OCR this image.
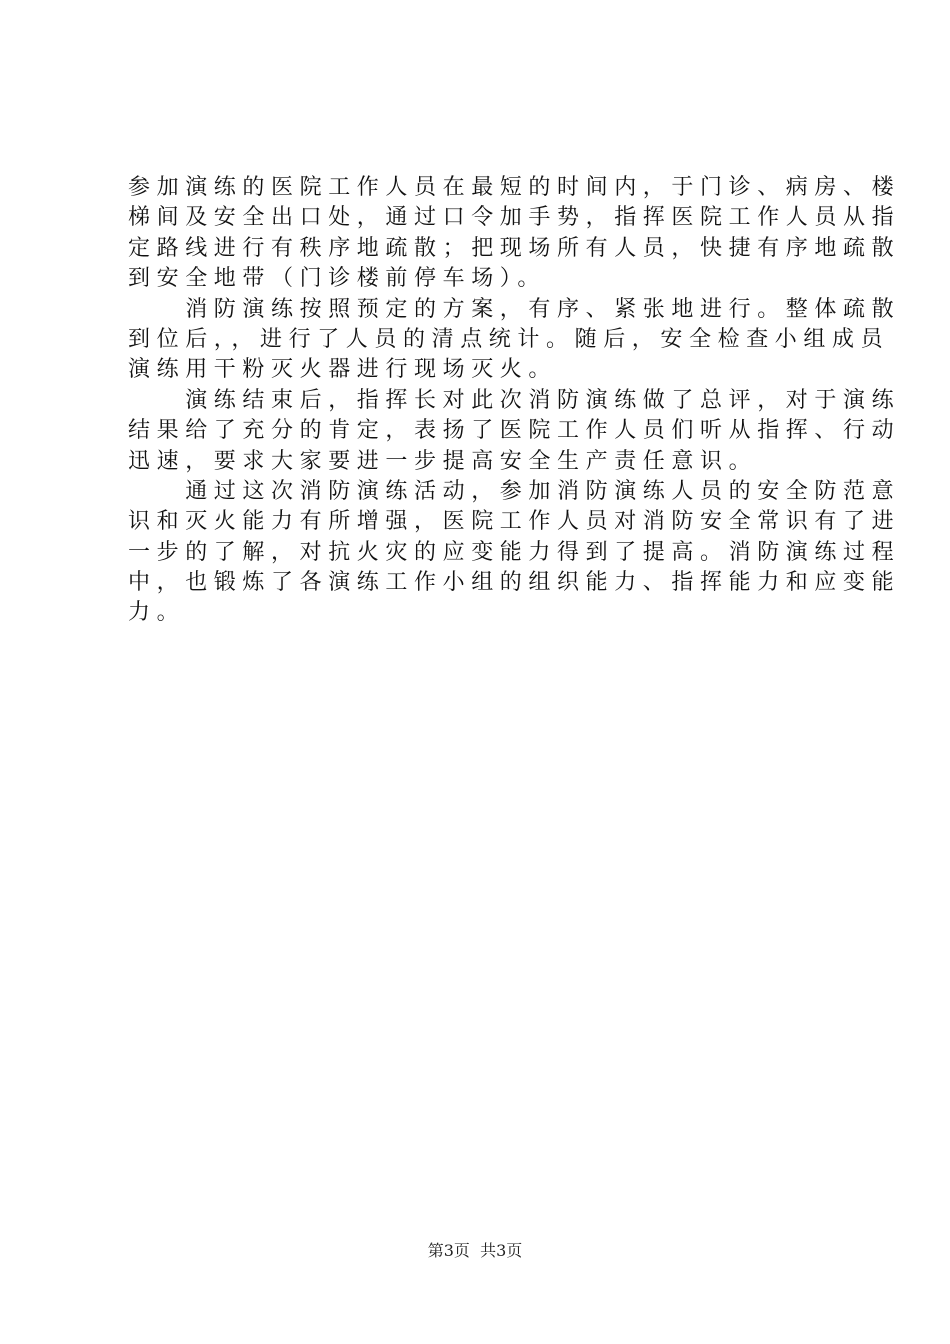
参加演练的医院工作人员在最短的时间内，于门诊、病房、楼
梯间及安全出口处，通过口令加手势，指挥医院工作人员从指
定路线进行有秩序地疏散；把现场所有人员，快捷有序地疏散
到安全地带（门诊楼前停车场）。
　　消防演练按照预定的方案，有序、紧张地进行。整体疏散
到位后，，进行了人员的清点统计。随后，安全检查小组成员
演练用干粉灭火器进行现场灭火。
　　演练结束后，指挥长对此次消防演练做了总评，对于演练
结果给了充分的肯定，表扬了医院工作人员们听从指挥、行动
迅速，要求大家要进一步提高安全生产责任意识。
　　通过这次消防演练活动，参加消防演练人员的安全防范意
识和灭火能力有所增强，医院工作人员对消防安全常识有了进
一步的了解，对抗火灾的应变能力得到了提高。消防演练过程
中，也锻炼了各演练工作小组的组织能力、指挥能力和应变能
力。
第3页  共3页
